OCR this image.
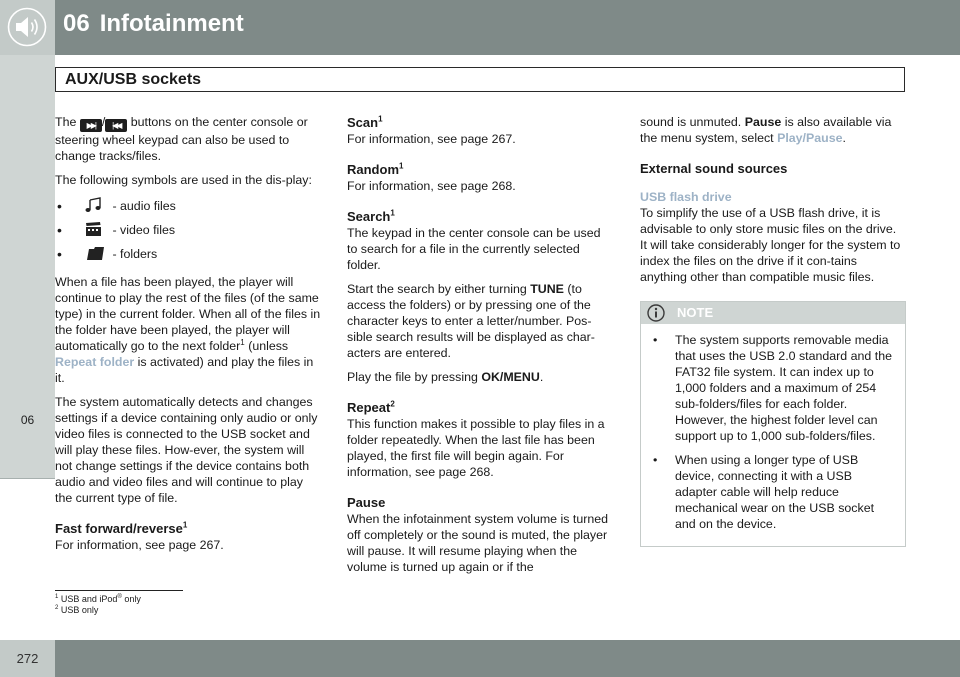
06 Infotainment
06
AUX/USB sockets

The ▶▶| / |◀◀ buttons on the center console or steering wheel keypad can also be used to change tracks/files.

The following symbols are used in the dis-play:

•	- audio files
•	- video files
•	- folders

When a file has been played, the player will continue to play the rest of the files (of the same type) in the current folder. When all of the files in the folder have been played, the player will automatically go to the next folder$^1$ (unless Repeat folder is activated) and play the files in it.

The system automatically detects and changes settings if a device containing only audio or only video files is connected to the USB socket and will play these files. How-ever, the system will not change settings if the device contains both audio and video files and will continue to play the current type of file.

Fast forward/reverse$^1$

For information, see page 267.

Scan$^1$

For information, see page 267.

Random$^1$

For information, see page 268.

Search$^1$

The keypad in the center console can be used to search for a file in the currently selected folder.

Start the search by either turning TUNE (to access the folders) or by pressing one of the character keys to enter a letter/number. Pos-sible search results will be displayed as char-acters are entered.

Play the file by pressing OK/MENU.

Repeat$^2$

This function makes it possible to play files in a folder repeatedly. When the last file has been played, the first file will begin again. For information, see page 268.

Pause

When the infotainment system volume is turned off completely or the sound is muted, the player will pause. It will resume playing when the volume is turned up again or if the

sound is unmuted. Pause is also available via the menu system, select Play/Pause.

External sound sources
USB flash drive

To simplify the use of a USB flash drive, it is advisable to only store music files on the drive. It will take considerably longer for the system to index the files on the drive if it con-tains anything other than compatible music files.

NOTE
• The system supports removable media that uses the USB 2.0 standard and the FAT32 file system. It can index up to 1,000 folders and a maximum of 254 sub-folders/files for each folder. However, the highest folder level can support up to 1,000 sub-folders/files.
• When using a longer type of USB device, connecting it with a USB adapter cable will help reduce mechanical wear on the USB socket and on the device.
$^1$ USB and iPod® only
$^2$ USB only
272
